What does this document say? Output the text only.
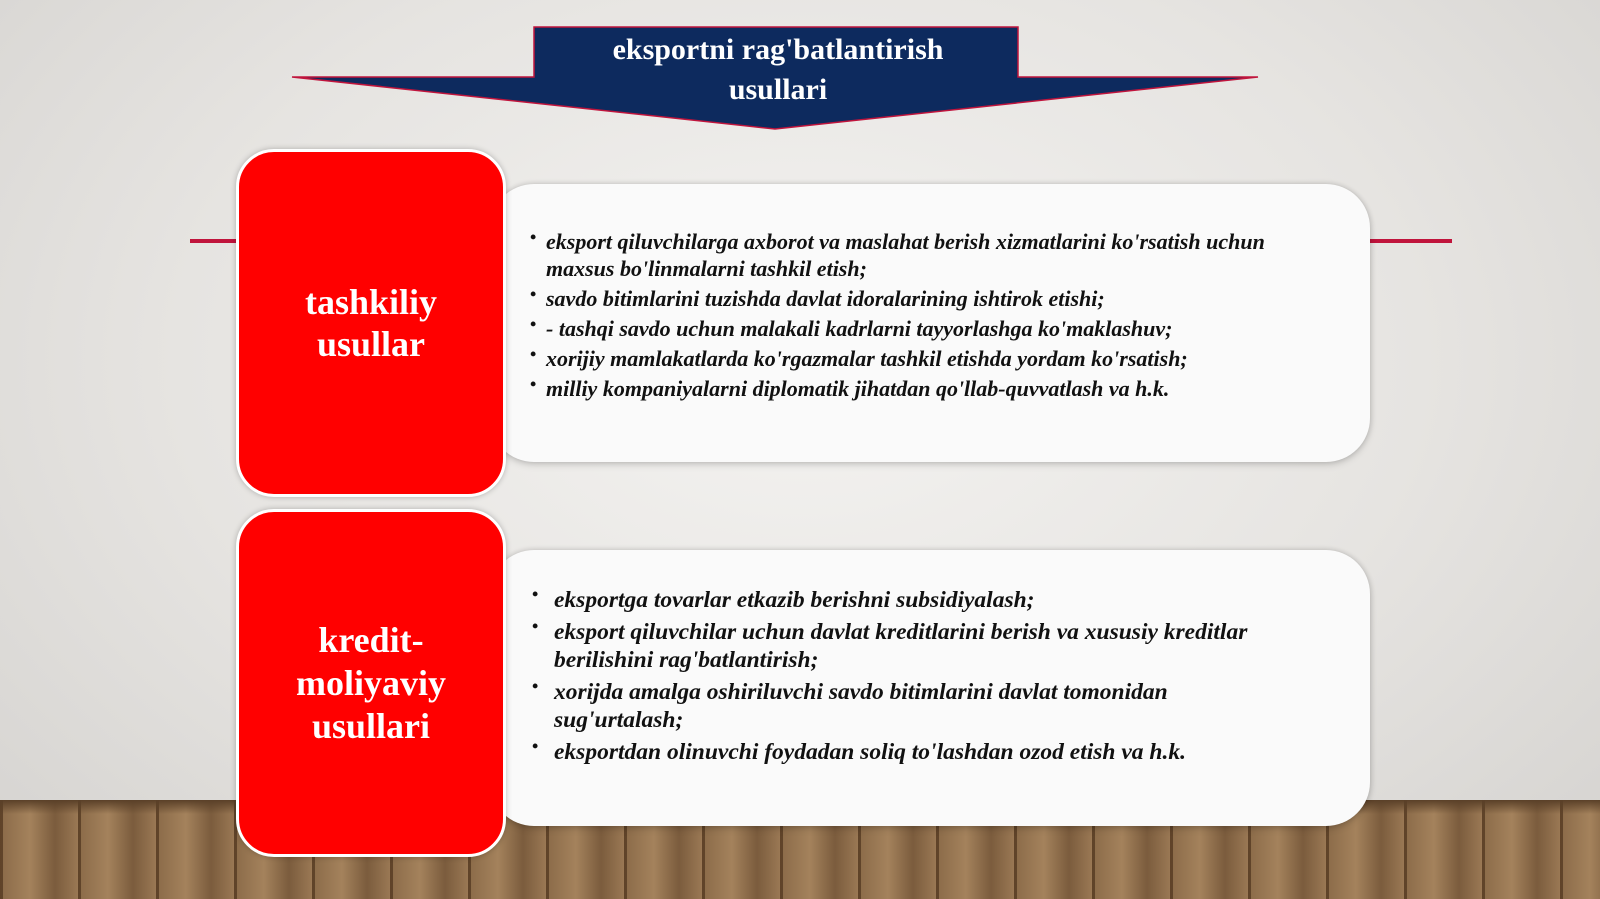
eksportni rag'batlantirish
usullari
tashkiliy
usullar
• eksport qiluvchilarga axborot va maslahat berish xizmatlarini ko'rsatish uchun maxsus bo'linmalarni tashkil etish;
• savdo bitimlarini tuzishda davlat idoralarining ishtirok etishi;
• - tashqi savdo uchun malakali kadrlarni tayyorlashga ko'maklashuv;
• xorijiy mamlakatlarda ko'rgazmalar tashkil etishda yordam ko'rsatish;
• milliy kompaniyalarni diplomatik jihatdan qo'llab-quvvatlash va h.k.
kredit-
moliyaviy
usullari
• eksportga tovarlar etkazib berishni subsidiyalash;
• eksport qiluvchilar uchun davlat kreditlarini berish va xususiy kreditlar berilishini rag'batlantirish;
• xorijda amalga oshiriluvchi savdo bitimlarini davlat tomonidan sug'urtalash;
• eksportdan olinuvchi foydadan soliq to'lashdan ozod etish va h.k.
